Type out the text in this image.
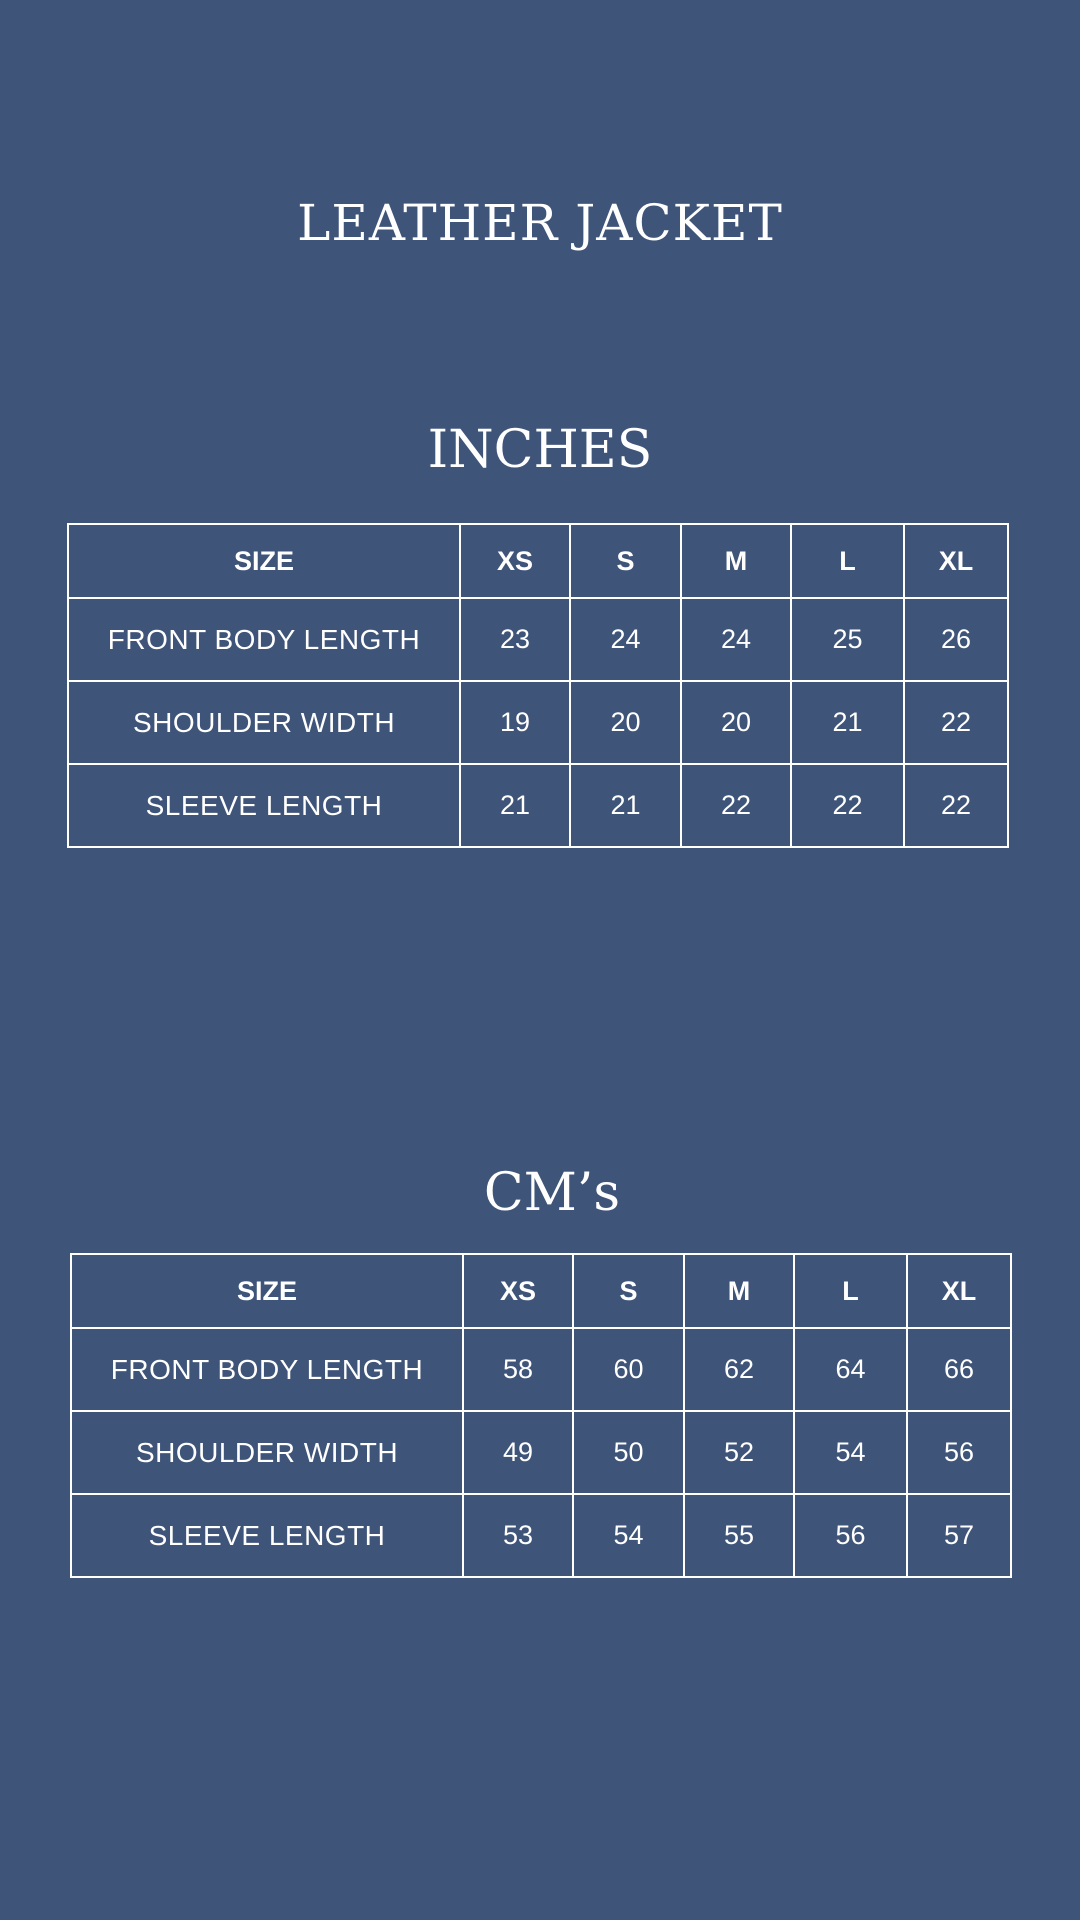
LEATHER JACKET
INCHES
SIZE	XS	S	M	L	XL
FRONT BODY LENGTH	23	24	24	25	26
SHOULDER WIDTH	19	20	20	21	22
SLEEVE LENGTH	21	21	22	22	22
CM’s
SIZE	XS	S	M	L	XL
FRONT BODY LENGTH	58	60	62	64	66
SHOULDER WIDTH	49	50	52	54	56
SLEEVE LENGTH	53	54	55	56	57
